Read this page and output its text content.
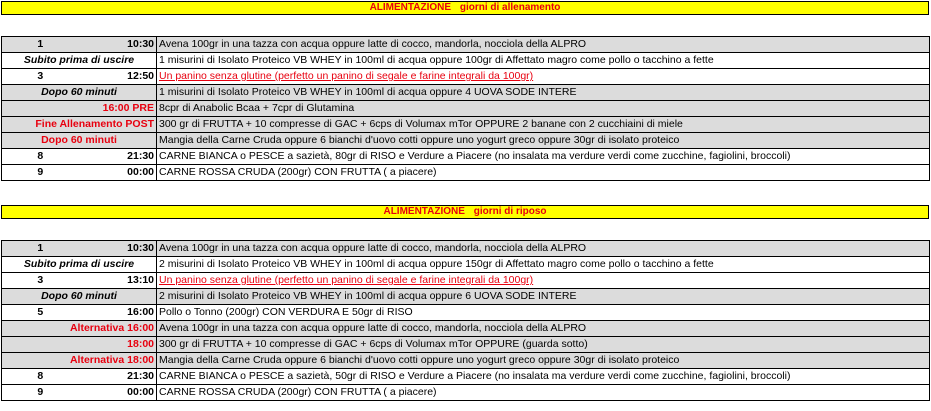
ALIMENTAZIONE giorni di allenamento
1	10:30	Avena 100gr in una tazza con acqua oppure latte di cocco, mandorla, nocciola della ALPRO
Subito prima di uscire		1 misurini di Isolato Proteico VB WHEY in 100ml di acqua oppure 100gr di Affettato magro come pollo o tacchino a fette
3	12:50	Un panino senza glutine (perfetto un panino di segale e farine integrali da 100gr)
Dopo 60 minuti		1 misurini di Isolato Proteico VB WHEY in 100ml di acqua oppure 4 UOVA SODE INTERE
16:00 PRE		8cpr di Anabolic Bcaa + 7cpr di Glutamina
Fine Allenamento POST		300 gr di FRUTTA + 10 compresse di GAC + 6cps di Volumax mTor OPPURE 2 banane con 2 cucchiaini di miele
Dopo 60 minuti		Mangia della Carne Cruda oppure 6 bianchi d'uovo cotti oppure uno yogurt greco oppure 30gr di isolato proteico
8	21:30	CARNE BIANCA o PESCE a sazietà, 80gr di RISO e Verdure a Piacere (no insalata ma verdure verdi come zucchine, fagiolini, broccoli)
9	00:00	CARNE ROSSA CRUDA (200gr) CON FRUTTA ( a piacere)
ALIMENTAZIONE giorni di riposo
1	10:30	Avena 100gr in una tazza con acqua oppure latte di cocco, mandorla, nocciola della ALPRO
Subito prima di uscire		2 misurini di Isolato Proteico VB WHEY in 100ml di acqua oppure 150gr di Affettato magro come pollo o tacchino a fette
3	13:10	Un panino senza glutine (perfetto un panino di segale e farine integrali da 100gr)
Dopo 60 minuti		2 misurini di Isolato Proteico VB WHEY in 100ml di acqua oppure 6 UOVA SODE INTERE
5	16:00	Pollo o Tonno (200gr) CON VERDURA E 50gr di RISO
Alternativa 16:00		Avena 100gr in una tazza con acqua oppure latte di cocco, mandorla, nocciola della ALPRO
18:00		300 gr di FRUTTA + 10 compresse di GAC + 6cps di Volumax mTor OPPURE (guarda sotto)
Alternativa 18:00		Mangia della Carne Cruda oppure 6 bianchi d'uovo cotti oppure uno yogurt greco oppure 30gr di isolato proteico
8	21:30	CARNE BIANCA o PESCE a sazietà, 50gr di RISO e Verdure a Piacere (no insalata ma verdure verdi come zucchine, fagiolini, broccoli)
9	00:00	CARNE ROSSA CRUDA (200gr) CON FRUTTA ( a piacere)
